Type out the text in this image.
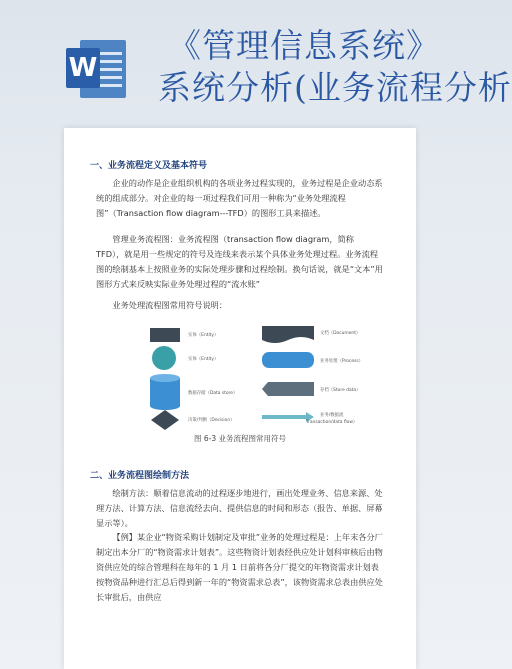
W
《管理信息系统》
系统分析(业务流程分析
一、业务流程定义及基本符号
企业的动作是企业组织机构的各项业务过程实现的，业务过程是企业动态系统的组成部分。对企业的每一项过程我们可用一种称为“业务处理流程图”（Transaction flow diagram---TFD）的图形工具来描述。
管理业务流程图：业务流程图（transaction flow diagram，简称 TFD），就是用一些规定的符号及连线来表示某个具体业务处理过程。业务流程图的绘制基本上按照业务的实际处理步骤和过程绘制。换句话说，就是“文本”用图形方式来反映实际业务处理过程的“流水账”
业务处理流程图常用符号说明：
实体（Entity）	文档（Document）
实体（Entity）	业务处理（Process）
数据存储（Data store）
存档（Store data）
决策/判断（Decision）
业务/数据流
Transaction/data flow）
图 6-3 业务流程图常用符号
二、业务流程图绘制方法
绘制方法：顺着信息流动的过程逐步地进行，画出处理业务、信息来源、处理方法、计算方法、信息流经去向、提供信息的时间和形态（报告、单据、屏幕显示等）。
【例】某企业“物资采购计划制定及审批”业务的处理过程是：上年末各分厂制定出本分厂的“物资需求计划表”。这些物资计划表经供应处计划科审核后由物资供应处的综合管理科在每年的 1 月 1 日前将各分厂提交的年物资需求计划表按物资品种进行汇总后得到新一年的“物资需求总表”，该物资需求总表由供应处长审批后，由供应
